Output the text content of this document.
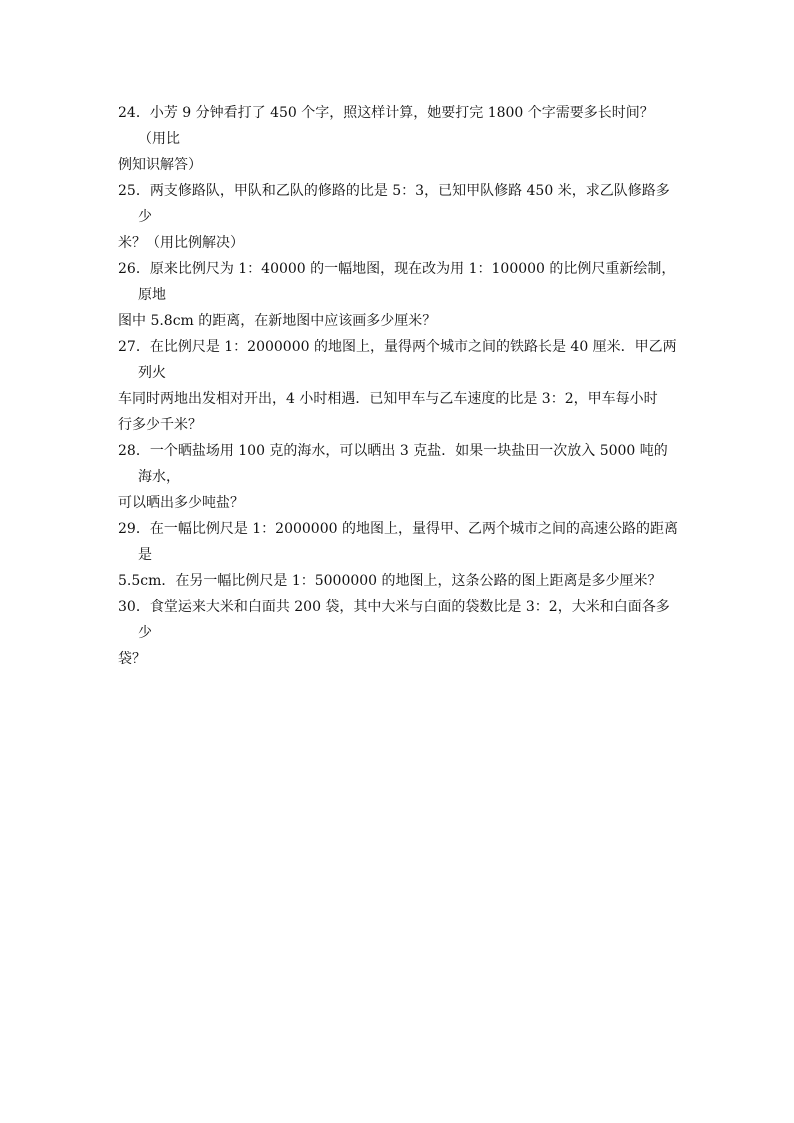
24．小芳 9 分钟看打了 450 个字，照这样计算，她要打完 1800 个字需要多长时间？（用比
例知识解答）

25．两支修路队，甲队和乙队的修路的比是 5：3，已知甲队修路 450 米，求乙队修路多少
米？（用比例解决）

26．原来比例尺为 1：40000 的一幅地图，现在改为用 1：100000 的比例尺重新绘制，原地
图中 5.8cm 的距离，在新地图中应该画多少厘米？

27．在比例尺是 1：2000000 的地图上，量得两个城市之间的铁路长是 40 厘米．甲乙两列火
车同时两地出发相对开出，4 小时相遇．已知甲车与乙车速度的比是 3：2，甲车每小时
行多少千米？

28．一个晒盐场用 100 克的海水，可以晒出 3 克盐．如果一块盐田一次放入 5000 吨的海水，
可以晒出多少吨盐？

29．在一幅比例尺是 1：2000000 的地图上，量得甲、乙两个城市之间的高速公路的距离是
5.5cm．在另一幅比例尺是 1：5000000 的地图上，这条公路的图上距离是多少厘米？

30．食堂运来大米和白面共 200 袋，其中大米与白面的袋数比是 3：2，大米和白面各多少
袋？
